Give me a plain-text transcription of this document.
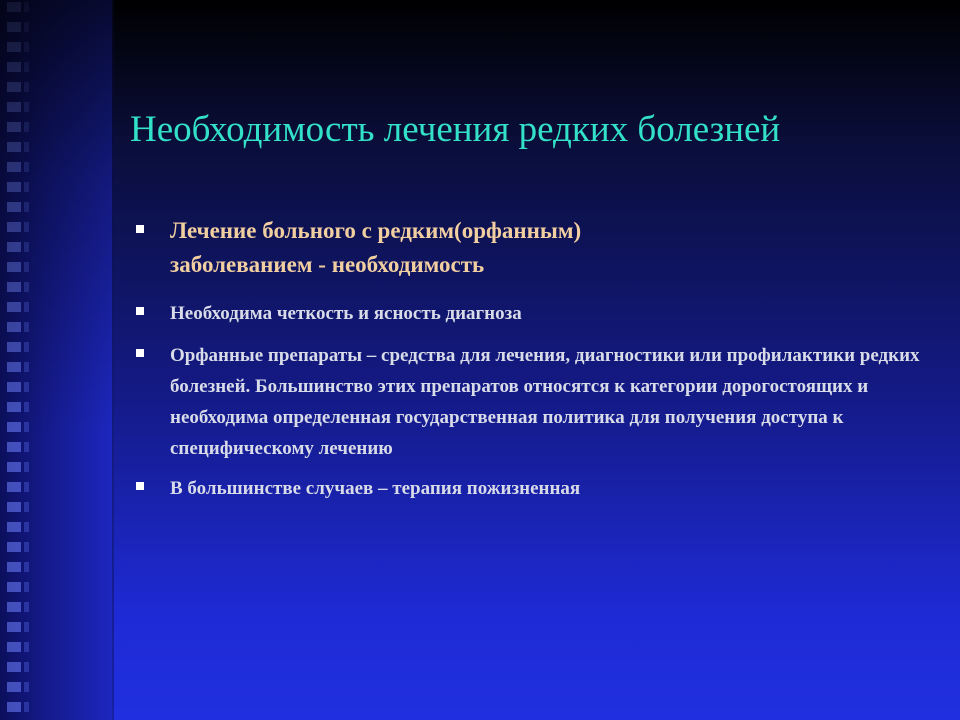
Необходимость лечения редких болезней
Лечение больного с редким(орфанным)
заболеванием - необходимость
Необходима четкость и ясность диагноза
Орфанные препараты – средства для лечения, диагностики или профилактики редких болезней. Большинство этих препаратов относятся к категории дорогостоящих и необходима определенная государственная политика для получения доступа к специфическому лечению
В большинстве случаев – терапия пожизненная
